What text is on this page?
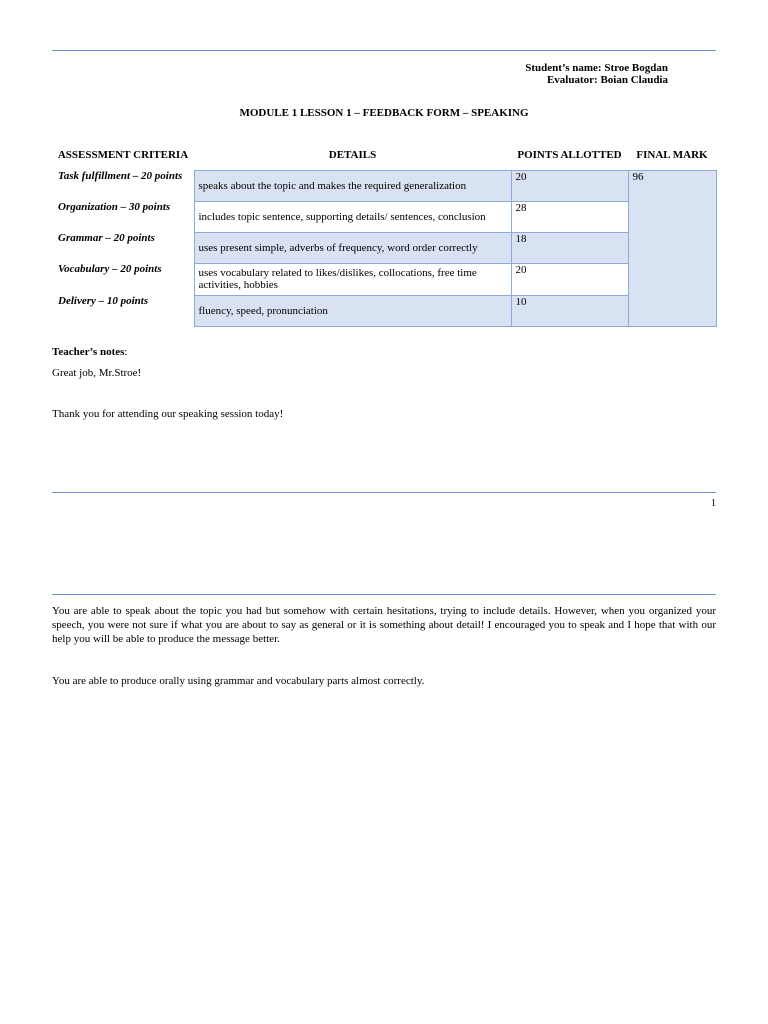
Student’s name: Stroe Bogdan
Evaluator: Boian Claudia
MODULE 1 LESSON 1 – FEEDBACK FORM – SPEAKING
ASSESSMENT CRITERIA	DETAILS	POINTS ALLOTTED	FINAL MARK
Task fulfillment – 20 points	speaks about the topic and makes the required generalization	20	96
Organization – 30 points	includes topic sentence, supporting details/ sentences, conclusion	28	
Grammar – 20 points	uses present simple, adverbs of frequency, word order correctly	18	
Vocabulary – 20 points	uses vocabulary related to likes/dislikes, collocations, free time activities, hobbies	20	
Delivery – 10 points	fluency, speed, pronunciation	10	
Teacher’s notes:
Great job, Mr.Stroe!
Thank you for attending our speaking session today!
1

You are able to speak about the topic you had but somehow with certain hesitations, trying to include details. However, when you organized your speech, you were not sure if what you are about to say as general or it is something about detail! I encouraged you to speak and I hope that with our help you will be able to produce the message better.

You are able to produce orally using grammar and vocabulary parts almost correctly.
